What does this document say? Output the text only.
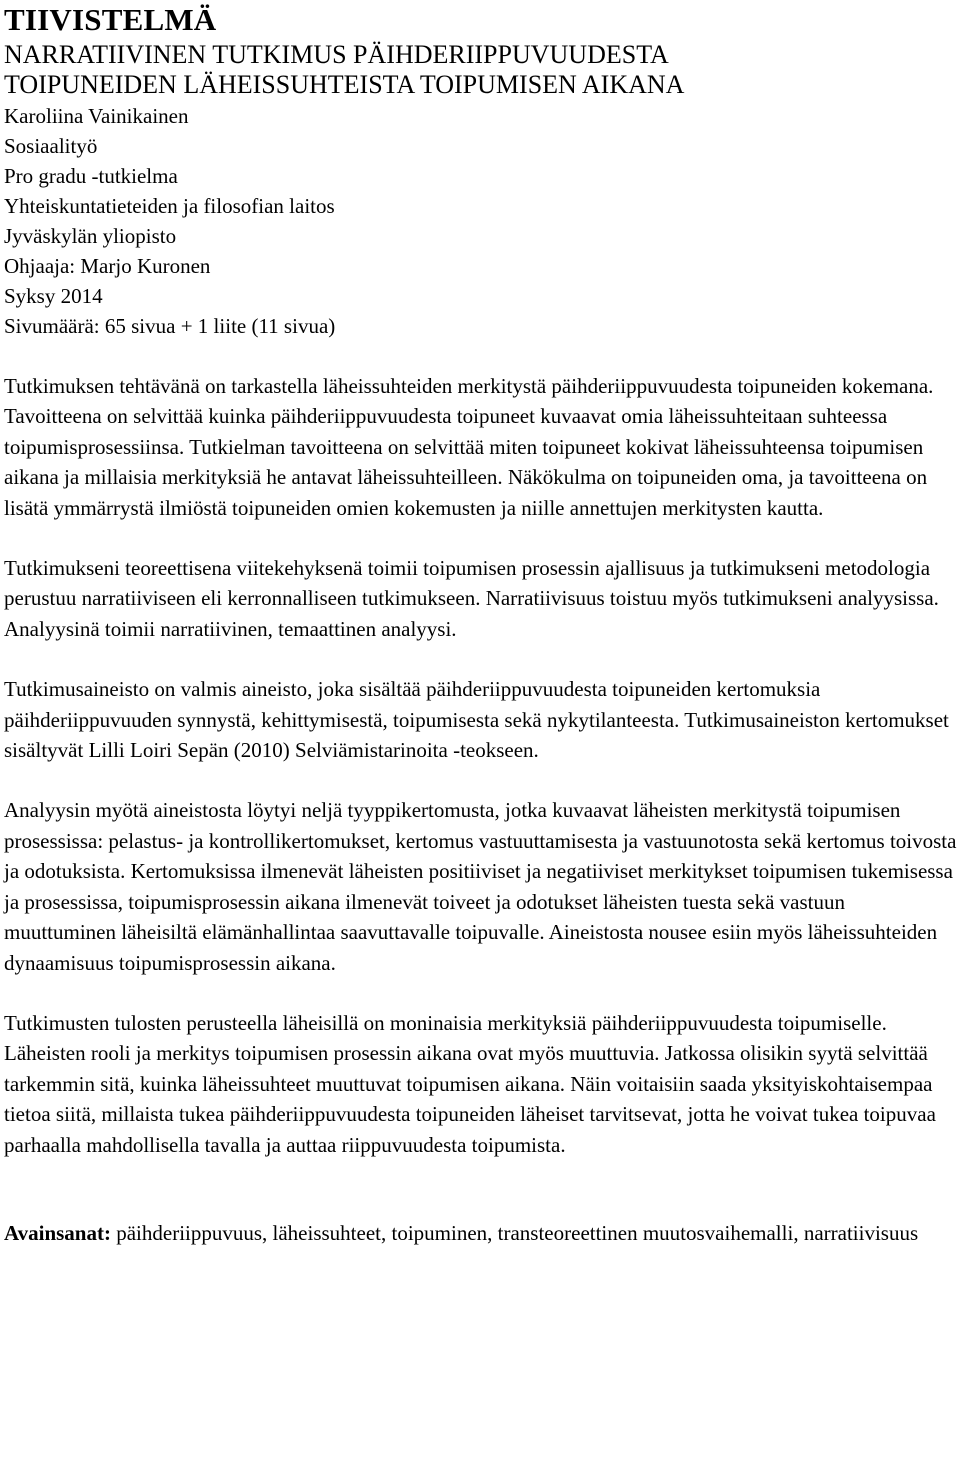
TIIVISTELMÄ

NARRATIIVINEN TUTKIMUS PÄIHDERIIPPUVUUDESTA

TOIPUNEIDEN LÄHEISSUHTEISTA TOIPUMISEN AIKANA

Karoliina Vainikainen

Sosiaalityö

Pro gradu -tutkielma

Yhteiskuntatieteiden ja filosofian laitos

Jyväskylän yliopisto

Ohjaaja: Marjo Kuronen

Syksy 2014

Sivumäärä: 65 sivua + 1 liite (11 sivua)

Tutkimuksen tehtävänä on tarkastella läheissuhteiden merkitystä päihderiippuvuudesta toipuneiden kokemana. Tavoitteena on selvittää kuinka päihderiippuvuudesta toipuneet kuvaavat omia läheissuhteitaan suhteessa toipumisprosessiinsa. Tutkielman tavoitteena on selvittää miten toipuneet kokivat läheissuhteensa toipumisen aikana ja millaisia merkityksiä he antavat läheissuhteilleen. Näkökulma on toipuneiden oma, ja tavoitteena on lisätä ymmärrystä ilmiöstä toipuneiden omien kokemusten ja niille annettujen merkitysten kautta.

Tutkimukseni teoreettisena viitekehyksenä toimii toipumisen prosessin ajallisuus ja tutkimukseni metodologia perustuu narratiiviseen eli kerronnalliseen tutkimukseen. Narratiivisuus toistuu myös tutkimukseni analyysissa. Analyysinä toimii narratiivinen, temaattinen analyysi.

Tutkimusaineisto on valmis aineisto, joka sisältää päihderiippuvuudesta toipuneiden kertomuksia päihderiippuvuuden synnystä, kehittymisestä, toipumisesta sekä nykytilanteesta. Tutkimusaineiston kertomukset sisältyvät Lilli Loiri Sepän (2010) Selviämistarinoita -teokseen.

Analyysin myötä aineistosta löytyi neljä tyyppikertomusta, jotka kuvaavat läheisten merkitystä toipumisen prosessissa: pelastus- ja kontrollikertomukset, kertomus vastuuttamisesta ja vastuunotosta sekä kertomus toivosta ja odotuksista. Kertomuksissa ilmenevät läheisten positiiviset ja negatiiviset merkitykset toipumisen tukemisessa ja prosessissa, toipumisprosessin aikana ilmenevät toiveet ja odotukset läheisten tuesta sekä vastuun muuttuminen läheisiltä elämänhallintaa saavuttavalle toipuvalle. Aineistosta nousee esiin myös läheissuhteiden dynaamisuus toipumisprosessin aikana.

Tutkimusten tulosten perusteella läheisillä on moninaisia merkityksiä päihderiippuvuudesta toipumiselle. Läheisten rooli ja merkitys toipumisen prosessin aikana ovat myös muuttuvia. Jatkossa olisikin syytä selvittää tarkemmin sitä, kuinka läheissuhteet muuttuvat toipumisen aikana. Näin voitaisiin saada yksityiskohtaisempaa tietoa siitä, millaista tukea päihderiippuvuudesta toipuneiden läheiset tarvitsevat, jotta he voivat tukea toipuvaa parhaalla mahdollisella tavalla ja auttaa riippuvuudesta toipumista.

Avainsanat: päihderiippuvuus, läheissuhteet, toipuminen, transteoreettinen muutosvaihemalli, narratiivisuus
